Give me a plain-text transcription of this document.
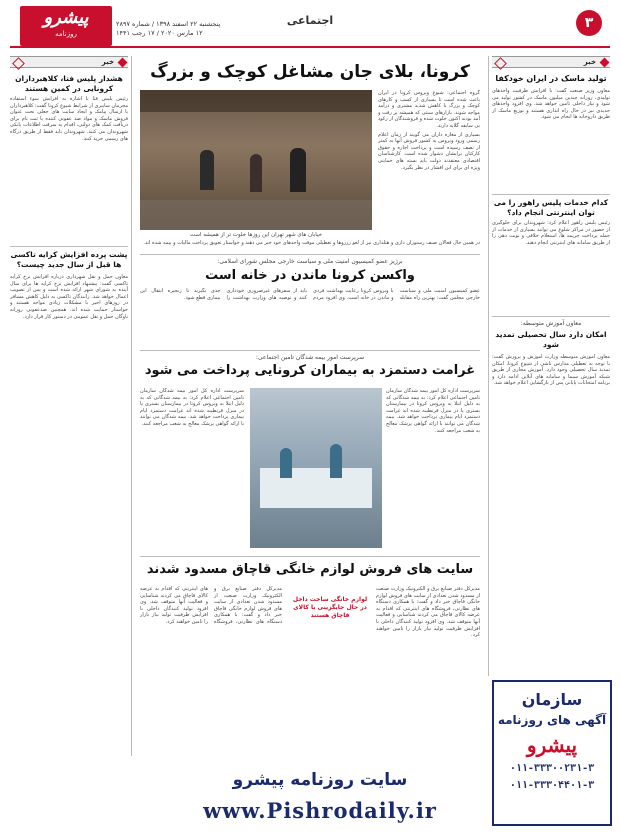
پیشرو
روزنامه
پنجشنبه ۲۲ اسفند ۱۳۹۸ / شماره ۲۸۹۷
۱۲ مارس ۲۰۲۰ / ۱۷ رجب ۱۴۴۱
اجتماعی	۳
خبر	خبر
کرونا، بلای جان مشاغل کوچک و بزرگ

گروه اجتماعی: شیوع ویروس کرونا در ایران باعث شده است تا بسیاری از کسب و کارهای کوچک و بزرگ با کاهش شدید مشتری و درآمد مواجه شوند. بازارهای سنتی که همیشه پر رفت و آمد بودند اکنون خلوت شده و فروشندگان از رکود بی سابقه گلایه دارند.

بسیاری از مغازه داران می گویند از زمان اعلام رسمی ورود ویروس به کشور فروش آنها به کمتر از نصف رسیده است و پرداخت اجاره و حقوق کارکنان برایشان دشوار شده است. کارشناسان اقتصادی معتقدند دولت باید بسته های حمایتی ویژه ای برای این اقشار در نظر بگیرد.

خیابان های شهر تهران این روزها خلوت تر از همیشه است

در همین حال فعالان صنف رستوران داری و هتلداری نیز از لغو رزروها و تعطیلی موقت واحدهای خود خبر می دهند و خواستار تعویق پرداخت مالیات و بیمه شده اند.

برژیز عضو کمیسیون امنیت ملی و سیاست خارجی مجلس شورای اسلامی:
واکسن کرونا ماندن در خانه است

عضو کمیسیون امنیت ملی و سیاست خارجی مجلس گفت: بهترین راه مقابله با ویروس کرونا رعایت بهداشت فردی و ماندن در خانه است. وی افزود مردم باید از سفرهای غیرضروری خودداری کنند و توصیه های وزارت بهداشت را جدی بگیرند تا زنجیره انتقال این بیماری قطع شود.

سرپرست امور بیمه شدگان تامین اجتماعی:
غرامت دستمزد به بیماران کرونایی پرداخت می شود

سرپرست اداره کل امور بیمه شدگان سازمان تامین اجتماعی اعلام کرد: به بیمه شدگانی که به دلیل ابتلا به ویروس کرونا در بیمارستان بستری یا در منزل قرنطینه شده اند غرامت دستمزد ایام بیماری پرداخت خواهد شد. بیمه شدگان می توانند با ارائه گواهی پزشک معالج به شعب مراجعه کنند.

سرپرست اداره کل امور بیمه شدگان سازمان تامین اجتماعی اعلام کرد: به بیمه شدگانی که به دلیل ابتلا به ویروس کرونا در بیمارستان بستری یا در منزل قرنطینه شده اند غرامت دستمزد ایام بیماری پرداخت خواهد شد. بیمه شدگان می توانند با ارائه گواهی پزشک معالج به شعب مراجعه کنند.

سایت های فروش لوازم خانگی قاچاق مسدود شدند
لوازم خانگی ساخت داخل در حال جایگزینی با کالای قاچاق هستند

مدیرکل دفتر صنایع برق و الکترونیک وزارت صنعت از مسدود شدن تعدادی از سایت های فروش لوازم خانگی قاچاق خبر داد و گفت: با همکاری دستگاه های نظارتی، فروشگاه های اینترنتی که اقدام به عرضه کالای قاچاق می کردند شناسایی و فعالیت آنها متوقف شد. وی افزود تولید کنندگان داخلی با افزایش ظرفیت تولید نیاز بازار را تامین خواهند کرد.

مدیرکل دفتر صنایع برق و الکترونیک وزارت صنعت از مسدود شدن تعدادی از سایت های فروش لوازم خانگی قاچاق خبر داد و گفت: با همکاری دستگاه های نظارتی، فروشگاه های اینترنتی که اقدام به عرضه کالای قاچاق می کردند شناسایی و فعالیت آنها متوقف شد. وی افزود تولید کنندگان داخلی با افزایش ظرفیت تولید نیاز بازار را تامین خواهند کرد.

هشدار پلیس فتا، کلاهبرداران کرونایی در کمین هستند

رئیس پلیس فتا با اشاره به افزایش سوء استفاده مجرمان سایبری از شرایط شیوع کرونا گفت: کلاهبرداران با ارسال پیامک و ایجاد سایت های جعلی تحت عنوان فروش ماسک و مواد ضد عفونی کننده یا ثبت نام برای دریافت کمک های دولتی، اقدام به سرقت اطلاعات بانکی شهروندان می کنند. شهروندان باید فقط از طریق درگاه های رسمی خرید کنند.

پشت پرده افزایش کرایه تاکسی ها قبل از سال جدید چیست؟

معاون حمل و نقل شهرداری درباره افزایش نرخ کرایه تاکسی گفت: پیشنهاد افزایش نرخ کرایه ها برای سال آینده به شورای شهر ارائه شده است و پس از تصویب اعمال خواهد شد. رانندگان تاکسی به دلیل کاهش مسافر در روزهای اخیر با مشکلات زیادی مواجه هستند و خواستار حمایت شده اند. همچنین ضدعفونی روزانه ناوگان حمل و نقل عمومی در دستور کار قرار دارد.

تولید ماسک در ایران خودکفا

معاون وزیر صنعت گفت: با افزایش ظرفیت واحدهای تولیدی، روزانه چندین میلیون ماسک در کشور تولید می شود و نیاز داخلی تامین خواهد شد. وی افزود واحدهای جدیدی نیز در حال راه اندازی هستند و توزیع ماسک از طریق داروخانه ها انجام می شود.

کدام خدمات پلیس راهور را می توان اینترنتی انجام داد؟

رئیس پلیس راهور اعلام کرد: شهروندان برای جلوگیری از حضور در مراکز شلوغ می توانند بسیاری از خدمات از جمله پرداخت جریمه ها، استعلام خلافی و نوبت دهی را از طریق سامانه های اینترنتی انجام دهند.

معاون آموزش متوسطه:
امکان دارد سال تحصیلی تمدید شود

معاون آموزش متوسطه وزارت آموزش و پرورش گفت: با توجه به تعطیلی مدارس ناشی از شیوع کرونا، امکان تمدید سال تحصیلی وجود دارد. آموزش مجازی از طریق شبکه آموزش سیما و سامانه های آنلاین ادامه دارد و برنامه امتحانات پایانی پس از بازگشایی اعلام خواهد شد.

سازمان
آگهی های روزنامه
پیشرو
۰۱۱-۳۳۳۰۰۲۳۱-۳
۰۱۱-۳۳۳۰۴۴۰۱-۳
سایت روزنامه پیشرو
www.Pishrodaily.ir
